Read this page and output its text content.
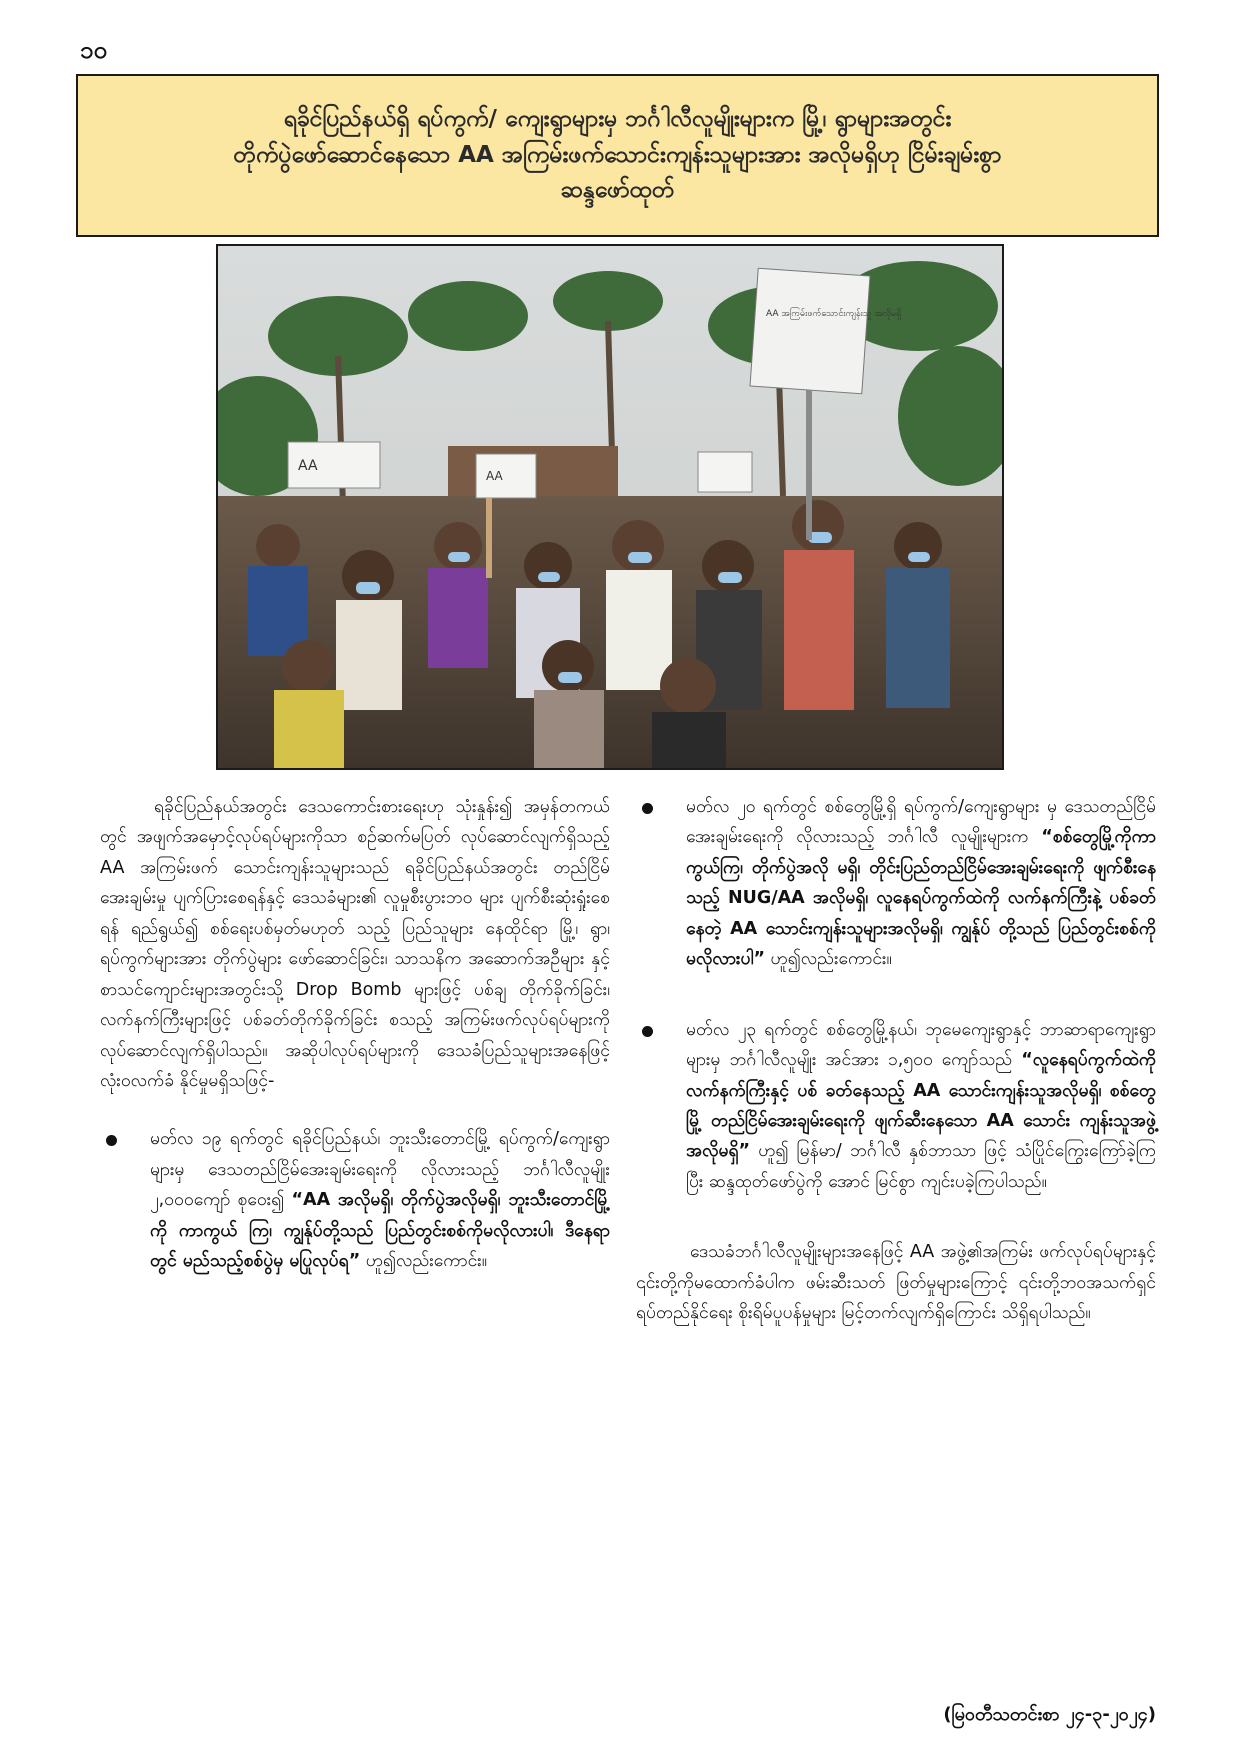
၁၀
ရခိုင်ပြည်နယ်ရှိ ရပ်ကွက်/ ကျေးရွာများမှ ဘင်္ဂါလီလူမျိုးများက မြို့၊ ရွာများအတွင်း
တိုက်ပွဲဖော်ဆောင်နေသော AA အကြမ်းဖက်သောင်းကျန်းသူများအား အလိုမရှိဟု ငြိမ်းချမ်းစွာ
ဆန္ဒဖော်ထုတ်
AA
AA
AA အကြမ်းဖက်သောင်းကျန်းသူ အလိုမရှိ

ရခိုင်ပြည်နယ်အတွင်း ဒေသကောင်းစားရေးဟု သုံးနှုန်း၍ အမှန်တကယ်တွင် အဖျက်အမှောင့်လုပ်ရပ်များကိုသာ စဉ်ဆက်မပြတ် လုပ်ဆောင်လျက်ရှိသည့် AA အကြမ်းဖက် သောင်းကျန်းသူများသည် ရခိုင်ပြည်နယ်အတွင်း တည်ငြိမ် အေးချမ်းမှု ပျက်ပြားစေရန်နှင့် ဒေသခံများ၏ လူမှုစီးပွားဘဝ များ ပျက်စီးဆုံးရှုံးစေရန် ရည်ရွယ်၍ စစ်ရေးပစ်မှတ်မဟုတ် သည့် ပြည်သူများ နေထိုင်ရာ မြို့၊ ရွာ၊ ရပ်ကွက်များအား တိုက်ပွဲများ ဖော်ဆောင်ခြင်း၊ သာသနိက အဆောက်အဦများ နှင့် စာသင်ကျောင်းများအတွင်းသို့ Drop Bomb များဖြင့် ပစ်ချ တိုက်ခိုက်ခြင်း၊ လက်နက်ကြီးများဖြင့် ပစ်ခတ်တိုက်ခိုက်ခြင်း စသည့် အကြမ်းဖက်လုပ်ရပ်များကို လုပ်ဆောင်လျက်ရှိပါသည်။ အဆိုပါလုပ်ရပ်များကို ဒေသခံပြည်သူများအနေဖြင့် လုံးဝလက်ခံ နိုင်မှုမရှိသဖြင့်-

မတ်လ ၁၉ ရက်တွင် ရခိုင်ပြည်နယ်၊ ဘူးသီးတောင်မြို့ ရပ်ကွက်/ကျေးရွာများမှ ဒေသတည်ငြိမ်အေးချမ်းရေးကို လိုလားသည့် ဘင်္ဂါလီလူမျိုး ၂,၀၀၀ကျော် စုဝေး၍ “AA အလိုမရှိ၊ တိုက်ပွဲအလိုမရှိ၊ ဘူးသီးတောင်မြို့ကို ကာကွယ် ကြ၊ ကျွန်ုပ်တို့သည် ပြည်တွင်းစစ်ကိုမလိုလားပါ၊ ဒီနေရာ တွင် မည်သည့်စစ်ပွဲမှ မပြုလုပ်ရ” ဟူ၍လည်းကောင်း။
မတ်လ ၂၀ ရက်တွင် စစ်တွေမြို့ရှိ ရပ်ကွက်/ကျေးရွာများ မှ ဒေသတည်ငြိမ်အေးချမ်းရေးကို လိုလားသည့် ဘင်္ဂါလီ လူမျိုးများက “စစ်တွေမြို့ကိုကာကွယ်ကြ၊ တိုက်ပွဲအလို မရှိ၊ တိုင်းပြည်တည်ငြိမ်အေးချမ်းရေးကို ဖျက်စီးနေသည့် NUG/AA အလိုမရှိ၊ လူနေရပ်ကွက်ထဲကို လက်နက်ကြီးနဲ့ ပစ်ခတ်နေတဲ့ AA သောင်းကျန်းသူများအလိုမရှိ၊ ကျွန်ုပ် တို့သည် ပြည်တွင်းစစ်ကို မလိုလားပါ” ဟူ၍လည်းကောင်း။
မတ်လ ၂၃ ရက်တွင် စစ်တွေမြို့နယ်၊ ဘုမေကျေးရွာနှင့် ဘာဆာရာကျေးရွာများမှ ဘင်္ဂါလီလူမျိုး အင်အား ၁,၅၀၀ ကျော်သည် “လူနေရပ်ကွက်ထဲကို လက်နက်ကြီးနှင့် ပစ် ခတ်နေသည့် AA သောင်းကျန်းသူအလိုမရှိ၊ စစ်တွေမြို့ တည်ငြိမ်အေးချမ်းရေးကို ဖျက်ဆီးနေသော AA သောင်း ကျန်းသူအဖွဲ့အလိုမရှိ” ဟူ၍ မြန်မာ/ ဘင်္ဂါလီ နှစ်ဘာသာ ဖြင့် သံပြိုင်ကြွေးကြော်ခဲ့ကြပြီး ဆန္ဒထုတ်ဖော်ပွဲကို အောင် မြင်စွာ ကျင်းပခဲ့ကြပါသည်။

ဒေသခံဘင်္ဂါလီလူမျိုးများအနေဖြင့် AA အဖွဲ့၏အကြမ်း ဖက်လုပ်ရပ်များနှင့် ၎င်းတို့ကိုမထောက်ခံပါက ဖမ်းဆီးသတ် ဖြတ်မှုများကြောင့် ၎င်းတို့ဘဝအသက်ရှင်ရပ်တည်နိုင်ရေး စိုးရိမ်ပူပန်မှုများ မြင့်တက်လျက်ရှိကြောင်း သိရှိရပါသည်။

(မြဝတီသတင်းစာ ၂၄-၃-၂၀၂၄)
